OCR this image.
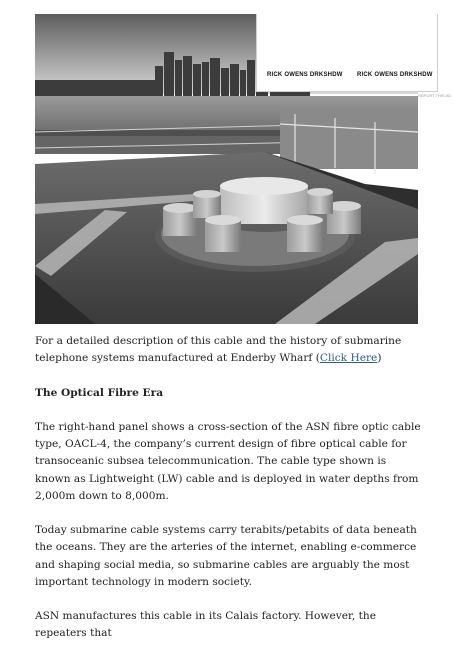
RICK OWENS DRKSHDW RICK OWENS DRKSHDW
REPORT THIS AD

For a detailed description of this cable and the history of submarine telephone systems manufactured at Enderby Wharf (Click Here)

The Optical Fibre Era

The right-hand panel shows a cross-section of the ASN fibre optic cable type, OACL-4, the company’s current design of fibre optical cable for transoceanic subsea telecommunication. The cable type shown is known as Lightweight (LW) cable and is deployed in water depths from 2,000m down to 8,000m.

Today submarine cable systems carry terabits/petabits of data beneath the oceans. They are the arteries of the internet, enabling e-commerce and shaping social media, so submarine cables are arguably the most important technology in modern society.

ASN manufactures this cable in its Calais factory. However, the repeaters that
